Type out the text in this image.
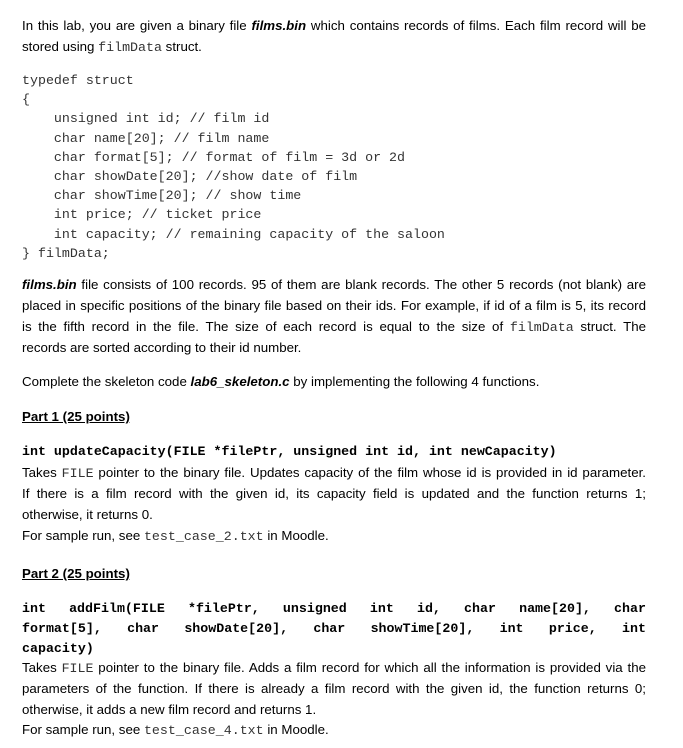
In this lab, you are given a binary file films.bin which contains records of films. Each film record will be
stored using filmData struct.
typedef struct
{
unsigned int id; // film id
char name[20]; // film name
char format[5]; // format of film = 3d or 2d
char showDate[20]; //show date of film
char showTime[20]; // show time
int price; // ticket price
int capacity; // remaining capacity of the saloon
} filmData;
films.bin file consists of 100 records. 95 of them are blank records. The other 5 records (not blank) are
placed in specific positions of the binary file based on their ids. For example, if id of a film is 5, its record
is the fifth record in the file. The size of each record is equal to the size of filmData struct. The
records are sorted according to their id number.
Complete the skeleton code lab6_skeleton.c by implementing the following 4 functions.
Part 1 (25 points)
int updateCapacity(FILE *filePtr, unsigned int id, int newCapacity)
Takes FILE pointer to the binary file. Updates capacity of the film whose id is provided in id parameter.
If there is a film record with the given id, its capacity field is updated and the function returns 1;
otherwise, it returns 0.
For sample run, see test_case_2.txt in Moodle.
Part 2 (25 points)
int addFilm(FILE *filePtr, unsigned int id, char name[20], char
format[5], char showDate[20], char showTime[20], int price, int
capacity)
Takes FILE pointer to the binary file. Adds a film record for which all the information is provided via the
parameters of the function. If there is already a film record with the given id, the function returns 0;
otherwise, it adds a new film record and returns 1.
For sample run, see test_case_4.txt in Moodle.
